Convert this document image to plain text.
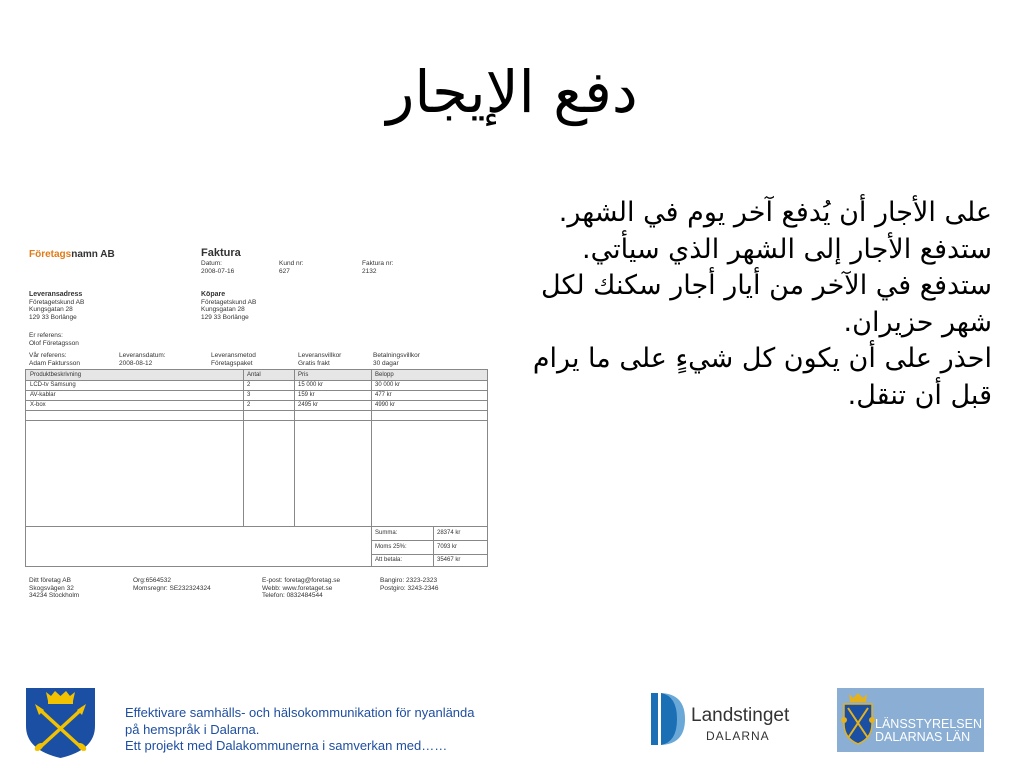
دفع الإيجار

على الأجار أن يُدفع آخر يوم في الشهر.

ستدفع الأجار إلى الشهر الذي سيأتي.

ستدفع في الآخر من أيار أجار سكنك لكل شهر حزيران.

احذر على أن يكون كل شيءٍ على ما يرام قبل أن تنقل.

Företagsnamn AB	Faktura
Datum:
2008-07-16
Kund nr:
627
Faktura nr:
2132
Leveransadress
Företagetskund AB
Kungsgatan 28
129 33 Borlänge
Köpare
Företagetskund AB
Kungsgatan 28
129 33 Borlänge
Er referens:
Olof Företagsson
Vår referens:
Adam Faktursson
Leveransdatum:
2008-08-12
Leveransmetod
Företagspaket
Leveransvillkor
Gratis frakt
Betalningsvillkor
30 dagar
Produktbeskrivning	Antal	Pris	Belopp
LCD-tv Samsung	2	15 000 kr	30 000 kr
AV-kablar	3	159 kr	477 kr
X-box	2	2495 kr	4990 kr
Summa:	28374 kr
Moms 25%:	7093 kr
Att betala:	35467 kr
Ditt företag AB
Skogsvägen 32
34234 Stockholm
Org:6564532
Momsregnr: SE232324324
E-post: foretag@foretag.se
Webb: www.foretaget.se
Telefon: 0832484544
Bangiro: 2323-2323
Postgiro: 3243-2346
Effektivare samhälls- och hälsokommunikation för nyanlända
på hemspråk i Dalarna.
Ett projekt med Dalakommunerna i samverkan med……
Landstinget
DALARNA
LÄNSSTYRELSEN
DALARNAS LÄN
